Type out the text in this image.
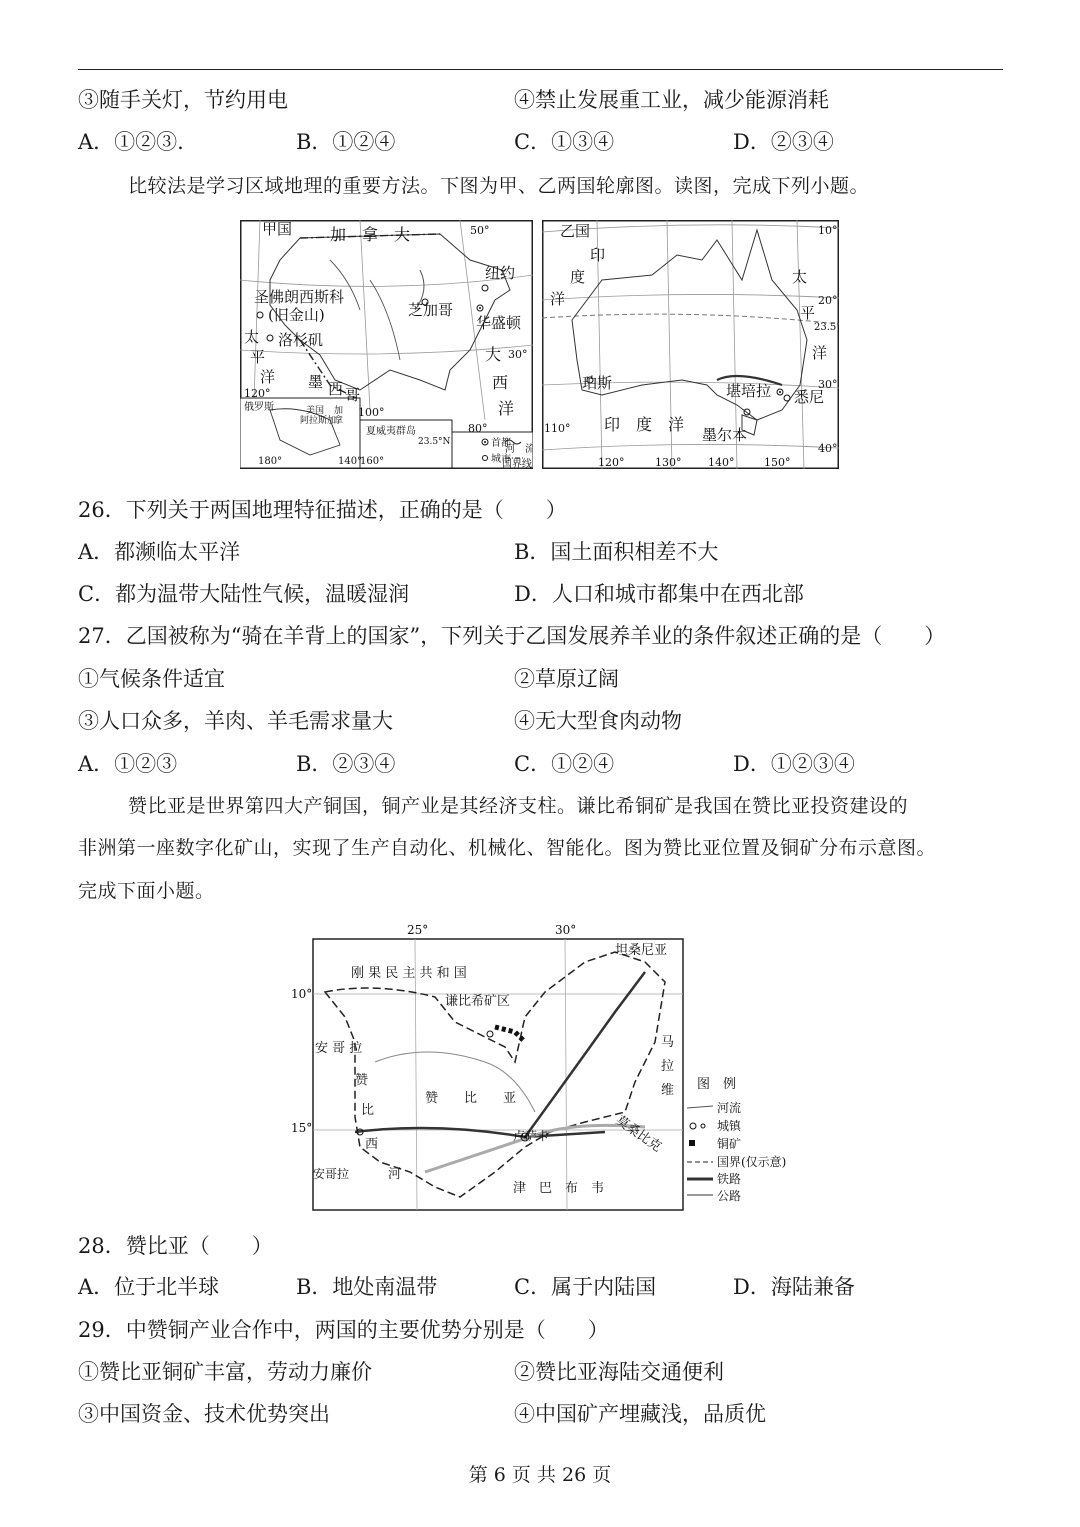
③随手关灯，节约用电	④禁止发展重工业，减少能源消耗
A．①②③.	B．①②④	C．①③④	D．②③④
比较法是学习区域地理的重要方法。下图为甲、乙两国轮廓图。读图，完成下列小题。
甲国 加　拿　大	50°
纽约
圣佛朗西斯科
(旧金山)	芝加哥
华盛顿
洛杉矶
太
平
洋
大
西
洋
30°
墨 西 哥
120°
100°
80°
俄罗斯	美国
阿拉斯加
加
拿
180°	140°
160°
夏威夷群岛
23.5°N	首都
城市
河　流
国界线
乙国
印
度
洋
太
平
洋
珀斯	堪培拉 悉尼
墨尔本
印　度　洋
10°
20°
23.5°
30°
40°
110°
120°	130° 140°	150°
26．下列关于两国地理特征描述，正确的是（　　）
A．都濒临太平洋	B．国土面积相差不大
C．都为温带大陆性气候，温暖湿润	D．人口和城市都集中在西北部
27．乙国被称为“骑在羊背上的国家”，下列关于乙国发展养羊业的条件叙述正确的是（　　）
①气候条件适宜	②草原辽阔
③人口众多，羊肉、羊毛需求量大	④无大型食肉动物
A．①②③	B．②③④	C．①②④	D．①②③④
赞比亚是世界第四大产铜国，铜产业是其经济支柱。谦比希铜矿是我国在赞比亚投资建设的
非洲第一座数字化矿山，实现了生产自动化、机械化、智能化。图为赞比亚位置及铜矿分布示意图。
完成下面小题。
25°	30°
10°
15°
坦桑尼亚
刚 果 民 主 共 和 国
谦比希矿区
安 哥 拉
安哥拉
赞
比
赞　　比　　亚
西
河
卢萨卡
马
拉
维
莫桑比克
津　巴　布　韦
图　例
河流
城镇
铜矿
国界(仅示意)
铁路
公路
28．赞比亚（　　）
A．位于北半球	B．地处南温带	C．属于内陆国	D．海陆兼备
29．中赞铜产业合作中，两国的主要优势分别是（　　）
①赞比亚铜矿丰富，劳动力廉价	②赞比亚海陆交通便利
③中国资金、技术优势突出	④中国矿产埋藏浅，品质优
第 6 页 共 26 页
